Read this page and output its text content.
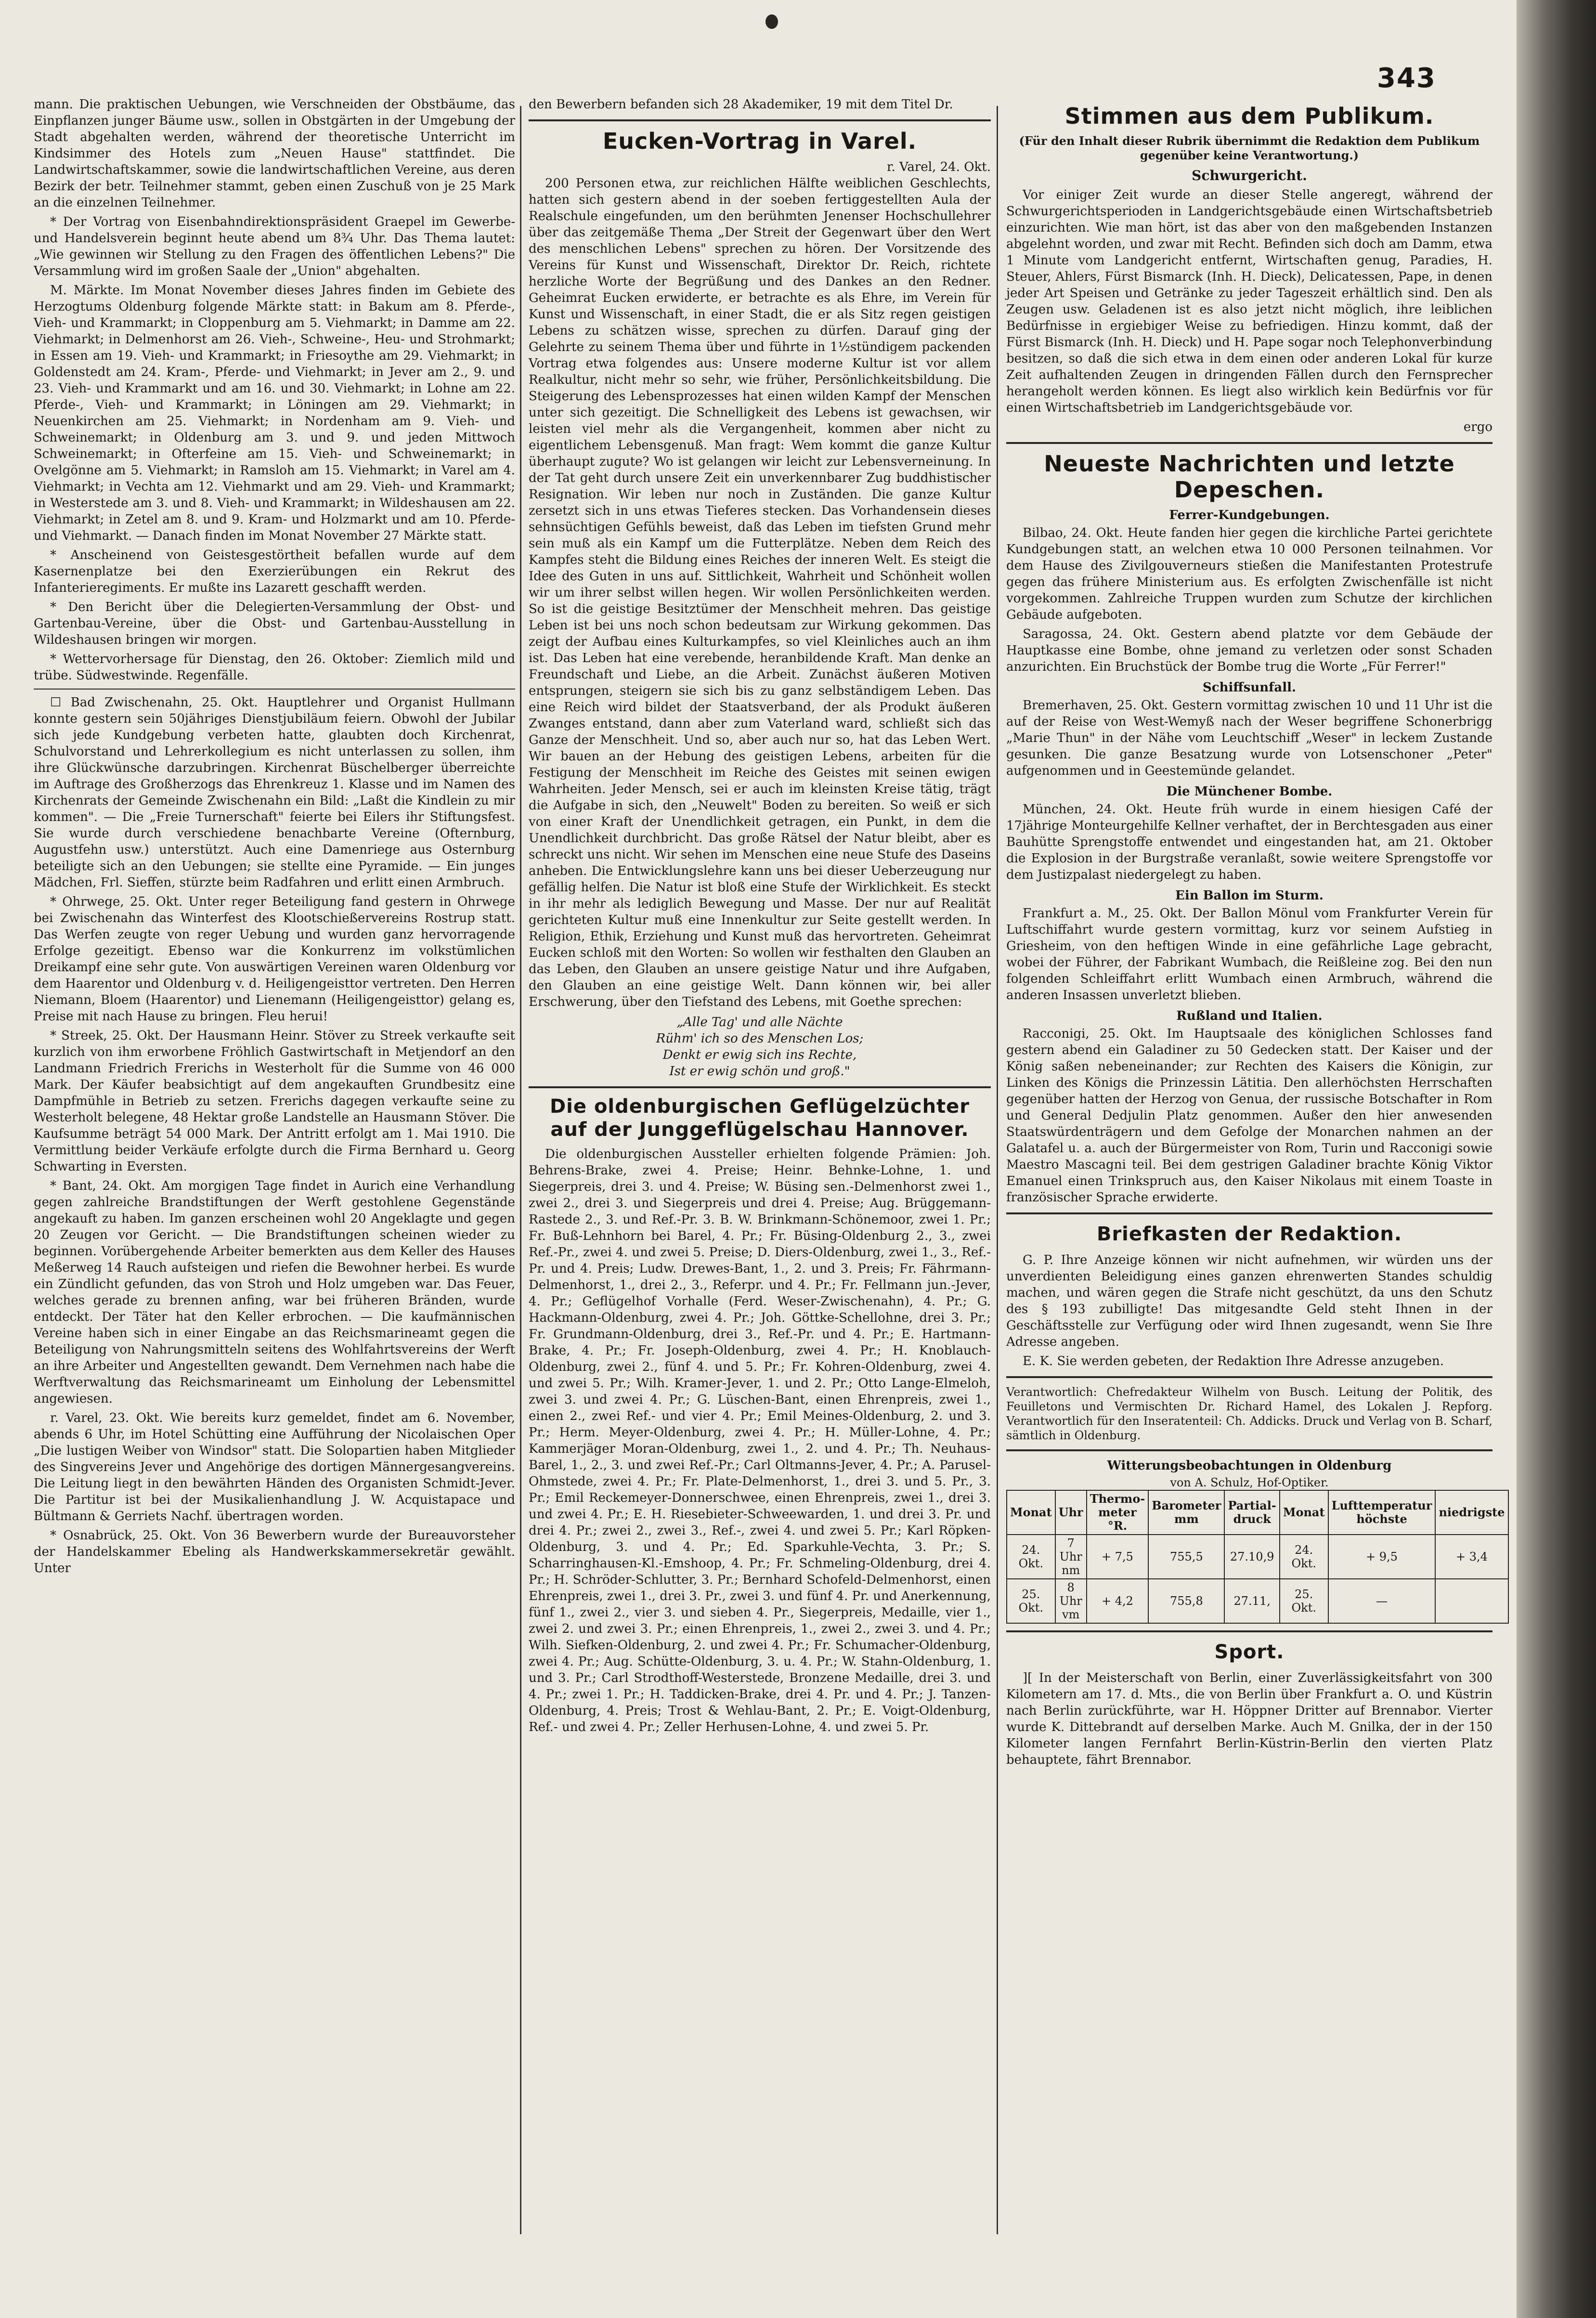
343

mann. Die praktischen Uebungen, wie Verschneiden der Obstbäume, das Einpflanzen junger Bäume usw., sollen in Obstgärten in der Umgebung der Stadt abgehalten werden, während der theoretische Unterricht im Kindsimmer des Hotels zum „Neuen Hause" stattfindet. Die Landwirtschaftskammer, sowie die landwirtschaftlichen Vereine, aus deren Bezirk der betr. Teilnehmer stammt, geben einen Zuschuß von je 25 Mark an die einzelnen Teilnehmer.

* Der Vortrag von Eisenbahndirektionspräsident Graepel im Gewerbe- und Handelsverein beginnt heute abend um 8¾ Uhr. Das Thema lautet: „Wie gewinnen wir Stellung zu den Fragen des öffentlichen Lebens?" Die Versammlung wird im großen Saale der „Union" abgehalten.

M. Märkte. Im Monat November dieses Jahres finden im Gebiete des Herzogtums Oldenburg folgende Märkte statt: in Bakum am 8. Pferde-, Vieh- und Krammarkt; in Cloppenburg am 5. Viehmarkt; in Damme am 22. Viehmarkt; in Delmenhorst am 26. Vieh-, Schweine-, Heu- und Strohmarkt; in Essen am 19. Vieh- und Krammarkt; in Friesoythe am 29. Viehmarkt; in Goldenstedt am 24. Kram-, Pferde- und Viehmarkt; in Jever am 2., 9. und 23. Vieh- und Krammarkt und am 16. und 30. Viehmarkt; in Lohne am 22. Pferde-, Vieh- und Krammarkt; in Löningen am 29. Viehmarkt; in Neuenkirchen am 25. Viehmarkt; in Nordenham am 9. Vieh- und Schweinemarkt; in Oldenburg am 3. und 9. und jeden Mittwoch Schweinemarkt; in Ofterfeine am 15. Vieh- und Schweinemarkt; in Ovelgönne am 5. Viehmarkt; in Ramsloh am 15. Viehmarkt; in Varel am 4. Viehmarkt; in Vechta am 12. Viehmarkt und am 29. Vieh- und Krammarkt; in Westerstede am 3. und 8. Vieh- und Krammarkt; in Wildeshausen am 22. Viehmarkt; in Zetel am 8. und 9. Kram- und Holzmarkt und am 10. Pferde- und Viehmarkt. — Danach finden im Monat November 27 Märkte statt.

* Anscheinend von Geistesgestörtheit befallen wurde auf dem Kasernenplatze bei den Exerzierübungen ein Rekrut des Infanterieregiments. Er mußte ins Lazarett geschafft werden.

* Den Bericht über die Delegierten-Versammlung der Obst- und Gartenbau-Vereine, über die Obst- und Gartenbau-Ausstellung in Wildeshausen bringen wir morgen.

* Wettervorhersage für Dienstag, den 26. Oktober: Ziemlich mild und trübe. Südwestwinde. Regenfälle.

☐ Bad Zwischenahn, 25. Okt. Hauptlehrer und Organist Hullmann konnte gestern sein 50jähriges Dienstjubiläum feiern. Obwohl der Jubilar sich jede Kundgebung verbeten hatte, glaubten doch Kirchenrat, Schulvorstand und Lehrerkollegium es nicht unterlassen zu sollen, ihm ihre Glückwünsche darzubringen. Kirchenrat Büschelberger überreichte im Auftrage des Großherzogs das Ehrenkreuz 1. Klasse und im Namen des Kirchenrats der Gemeinde Zwischenahn ein Bild: „Laßt die Kindlein zu mir kommen". — Die „Freie Turnerschaft" feierte bei Eilers ihr Stiftungsfest. Sie wurde durch verschiedene benachbarte Vereine (Ofternburg, Augustfehn usw.) unterstützt. Auch eine Damenriege aus Osternburg beteiligte sich an den Uebungen; sie stellte eine Pyramide. — Ein junges Mädchen, Frl. Sieffen, stürzte beim Radfahren und erlitt einen Armbruch.

* Ohrwege, 25. Okt. Unter reger Beteiligung fand gestern in Ohrwege bei Zwischenahn das Winterfest des Klootschießervereins Rostrup statt. Das Werfen zeugte von reger Uebung und wurden ganz hervorragende Erfolge gezeitigt. Ebenso war die Konkurrenz im volkstümlichen Dreikampf eine sehr gute. Von auswärtigen Vereinen waren Oldenburg vor dem Haarentor und Oldenburg v. d. Heiligengeisttor vertreten. Den Herren Niemann, Bloem (Haarentor) und Lienemann (Heiligengeisttor) gelang es, Preise mit nach Hause zu bringen. Fleu herui!

* Streek, 25. Okt. Der Hausmann Heinr. Stöver zu Streek verkaufte seit kurzlich von ihm erworbene Fröhlich Gastwirtschaft in Metjendorf an den Landmann Friedrich Frerichs in Westerholt für die Summe von 46 000 Mark. Der Käufer beabsichtigt auf dem angekauften Grundbesitz eine Dampfmühle in Betrieb zu setzen. Frerichs dagegen verkaufte seine zu Westerholt belegene, 48 Hektar große Landstelle an Hausmann Stöver. Die Kaufsumme beträgt 54 000 Mark. Der Antritt erfolgt am 1. Mai 1910. Die Vermittlung beider Verkäufe erfolgte durch die Firma Bernhard u. Georg Schwarting in Eversten.

* Bant, 24. Okt. Am morgigen Tage findet in Aurich eine Verhandlung gegen zahlreiche Brandstiftungen der Werft gestohlene Gegenstände angekauft zu haben. Im ganzen erscheinen wohl 20 Angeklagte und gegen 20 Zeugen vor Gericht. — Die Brandstiftungen scheinen wieder zu beginnen. Vorübergehende Arbeiter bemerkten aus dem Keller des Hauses Meßerweg 14 Rauch aufsteigen und riefen die Bewohner herbei. Es wurde ein Zündlicht gefunden, das von Stroh und Holz umgeben war. Das Feuer, welches gerade zu brennen anfing, war bei früheren Bränden, wurde entdeckt. Der Täter hat den Keller erbrochen. — Die kaufmännischen Vereine haben sich in einer Eingabe an das Reichsmarineamt gegen die Beteiligung von Nahrungsmitteln seitens des Wohlfahrtsvereins der Werft an ihre Arbeiter und Angestellten gewandt. Dem Vernehmen nach habe die Werftverwaltung das Reichsmarineamt um Einholung der Lebensmittel angewiesen.

r. Varel, 23. Okt. Wie bereits kurz gemeldet, findet am 6. November, abends 6 Uhr, im Hotel Schütting eine Aufführung der Nicolaischen Oper „Die lustigen Weiber von Windsor" statt. Die Solopartien haben Mitglieder des Singvereins Jever und Angehörige des dortigen Männergesangvereins. Die Leitung liegt in den bewährten Händen des Organisten Schmidt-Jever. Die Partitur ist bei der Musikalienhandlung J. W. Acquistapace und Bültmann & Gerriets Nachf. übertragen worden.

* Osnabrück, 25. Okt. Von 36 Bewerbern wurde der Bureauvorsteher der Handelskammer Ebeling als Handwerkskammersekretär gewählt. Unter

den Bewerbern befanden sich 28 Akademiker, 19 mit dem Titel Dr.

Eucken-Vortrag in Varel.
r. Varel, 24. Okt.

200 Personen etwa, zur reichlichen Hälfte weiblichen Geschlechts, hatten sich gestern abend in der soeben fertiggestellten Aula der Realschule eingefunden, um den berühmten Jenenser Hochschullehrer über das zeitgemäße Thema „Der Streit der Gegenwart über den Wert des menschlichen Lebens" sprechen zu hören. Der Vorsitzende des Vereins für Kunst und Wissenschaft, Direktor Dr. Reich, richtete herzliche Worte der Begrüßung und des Dankes an den Redner. Geheimrat Eucken erwiderte, er betrachte es als Ehre, im Verein für Kunst und Wissenschaft, in einer Stadt, die er als Sitz regen geistigen Lebens zu schätzen wisse, sprechen zu dürfen. Darauf ging der Gelehrte zu seinem Thema über und führte in 1½stündigem packenden Vortrag etwa folgendes aus: Unsere moderne Kultur ist vor allem Realkultur, nicht mehr so sehr, wie früher, Persönlichkeitsbildung. Die Steigerung des Lebensprozesses hat einen wilden Kampf der Menschen unter sich gezeitigt. Die Schnelligkeit des Lebens ist gewachsen, wir leisten viel mehr als die Vergangenheit, kommen aber nicht zu eigentlichem Lebensgenuß. Man fragt: Wem kommt die ganze Kultur überhaupt zugute? Wo ist gelangen wir leicht zur Lebensverneinung. In der Tat geht durch unsere Zeit ein unverkennbarer Zug buddhistischer Resignation. Wir leben nur noch in Zuständen. Die ganze Kultur zersetzt sich in uns etwas Tieferes stecken. Das Vorhandensein dieses sehnsüchtigen Gefühls beweist, daß das Leben im tiefsten Grund mehr sein muß als ein Kampf um die Futterplätze. Neben dem Reich des Kampfes steht die Bildung eines Reiches der inneren Welt. Es steigt die Idee des Guten in uns auf. Sittlichkeit, Wahrheit und Schönheit wollen wir um ihrer selbst willen hegen. Wir wollen Persönlichkeiten werden. So ist die geistige Besitztümer der Menschheit mehren. Das geistige Leben ist bei uns noch schon bedeutsam zur Wirkung gekommen. Das zeigt der Aufbau eines Kulturkampfes, so viel Kleinliches auch an ihm ist. Das Leben hat eine verebende, heranbildende Kraft. Man denke an Freundschaft und Liebe, an die Arbeit. Zunächst äußeren Motiven entsprungen, steigern sie sich bis zu ganz selbständigem Leben. Das eine Reich wird bildet der Staatsverband, der als Produkt äußeren Zwanges entstand, dann aber zum Vaterland ward, schließt sich das Ganze der Menschheit. Und so, aber auch nur so, hat das Leben Wert. Wir bauen an der Hebung des geistigen Lebens, arbeiten für die Festigung der Menschheit im Reiche des Geistes mit seinen ewigen Wahrheiten. Jeder Mensch, sei er auch im kleinsten Kreise tätig, trägt die Aufgabe in sich, den „Neuwelt" Boden zu bereiten. So weiß er sich von einer Kraft der Unendlichkeit getragen, ein Punkt, in dem die Unendlichkeit durchbricht. Das große Rätsel der Natur bleibt, aber es schreckt uns nicht. Wir sehen im Menschen eine neue Stufe des Daseins anheben. Die Entwicklungslehre kann uns bei dieser Ueberzeugung nur gefällig helfen. Die Natur ist bloß eine Stufe der Wirklichkeit. Es steckt in ihr mehr als lediglich Bewegung und Masse. Der nur auf Realität gerichteten Kultur muß eine Innenkultur zur Seite gestellt werden. In Religion, Ethik, Erziehung und Kunst muß das hervortreten. Geheimrat Eucken schloß mit den Worten: So wollen wir festhalten den Glauben an das Leben, den Glauben an unsere geistige Natur und ihre Aufgaben, den Glauben an eine geistige Welt. Dann können wir, bei aller Erschwerung, über den Tiefstand des Lebens, mit Goethe sprechen:

„Alle Tag' und alle Nächte
Rühm' ich so des Menschen Los;
Denkt er ewig sich ins Rechte,
Ist er ewig schön und groß."
Die oldenburgischen Geflügelzüchter auf der Junggeflügelschau Hannover.

Die oldenburgischen Aussteller erhielten folgende Prämien: Joh. Behrens-Brake, zwei 4. Preise; Heinr. Behnke-Lohne, 1. und Siegerpreis, drei 3. und 4. Preise; W. Büsing sen.-Delmenhorst zwei 1., zwei 2., drei 3. und Siegerpreis und drei 4. Preise; Aug. Brüggemann-Rastede 2., 3. und Ref.-Pr. 3. B. W. Brinkmann-Schönemoor, zwei 1. Pr.; Fr. Buß-Lehnhorn bei Barel, 4. Pr.; Fr. Büsing-Oldenburg 2., 3., zwei Ref.-Pr., zwei 4. und zwei 5. Preise; D. Diers-Oldenburg, zwei 1., 3., Ref.-Pr. und 4. Preis; Ludw. Drewes-Bant, 1., 2. und 3. Preis; Fr. Fährmann-Delmenhorst, 1., drei 2., 3., Referpr. und 4. Pr.; Fr. Fellmann jun.-Jever, 4. Pr.; Geflügelhof Vorhalle (Ferd. Weser-Zwischenahn), 4. Pr.; G. Hackmann-Oldenburg, zwei 4. Pr.; Joh. Göttke-Schellohne, drei 3. Pr.; Fr. Grundmann-Oldenburg, drei 3., Ref.-Pr. und 4. Pr.; E. Hartmann-Brake, 4. Pr.; Fr. Joseph-Oldenburg, zwei 4. Pr.; H. Knoblauch-Oldenburg, zwei 2., fünf 4. und 5. Pr.; Fr. Kohren-Oldenburg, zwei 4. und zwei 5. Pr.; Wilh. Kramer-Jever, 1. und 2. Pr.; Otto Lange-Elmeloh, zwei 3. und zwei 4. Pr.; G. Lüschen-Bant, einen Ehrenpreis, zwei 1., einen 2., zwei Ref.- und vier 4. Pr.; Emil Meines-Oldenburg, 2. und 3. Pr.; Herm. Meyer-Oldenburg, zwei 4. Pr.; H. Müller-Lohne, 4. Pr.; Kammerjäger Moran-Oldenburg, zwei 1., 2. und 4. Pr.; Th. Neuhaus-Barel, 1., 2., 3. und zwei Ref.-Pr.; Carl Oltmanns-Jever, 4. Pr.; A. Parusel-Ohmstede, zwei 4. Pr.; Fr. Plate-Delmenhorst, 1., drei 3. und 5. Pr., 3. Pr.; Emil Reckemeyer-Donnerschwee, einen Ehrenpreis, zwei 1., drei 3. und zwei 4. Pr.; E. H. Riesebieter-Schweewarden, 1. und drei 3. Pr. und drei 4. Pr.; zwei 2., zwei 3., Ref.-, zwei 4. und zwei 5. Pr.; Karl Röpken-Oldenburg, 3. und 4. Pr.; Ed. Sparkuhle-Vechta, 3. Pr.; S. Scharringhausen-Kl.-Emshoop, 4. Pr.; Fr. Schmeling-Oldenburg, drei 4. Pr.; H. Schröder-Schlutter, 3. Pr.; Bernhard Schofeld-Delmenhorst, einen Ehrenpreis, zwei 1., drei 3. Pr., zwei 3. und fünf 4. Pr. und Anerkennung, fünf 1., zwei 2., vier 3. und sieben 4. Pr., Siegerpreis, Medaille, vier 1., zwei 2. und zwei 3. Pr.; einen Ehrenpreis, 1., zwei 2., zwei 3. und 4. Pr.; Wilh. Siefken-Oldenburg, 2. und zwei 4. Pr.; Fr. Schumacher-Oldenburg, zwei 4. Pr.; Aug. Schütte-Oldenburg, 3. u. 4. Pr.; W. Stahn-Oldenburg, 1. und 3. Pr.; Carl Strodthoff-Westerstede, Bronzene Medaille, drei 3. und 4. Pr.; zwei 1. Pr.; H. Taddicken-Brake, drei 4. Pr. und 4. Pr.; J. Tanzen-Oldenburg, 4. Preis; Trost & Wehlau-Bant, 2. Pr.; E. Voigt-Oldenburg, Ref.- und zwei 4. Pr.; Zeller Herhusen-Lohne, 4. und zwei 5. Pr.

Stimmen aus dem Publikum.
(Für den Inhalt dieser Rubrik übernimmt die Redaktion dem Publikum gegenüber keine Verantwortung.)
Schwurgericht.

Vor einiger Zeit wurde an dieser Stelle angeregt, während der Schwurgerichtsperioden in Landgerichtsgebäude einen Wirtschaftsbetrieb einzurichten. Wie man hört, ist das aber von den maßgebenden Instanzen abgelehnt worden, und zwar mit Recht. Befinden sich doch am Damm, etwa 1 Minute vom Landgericht entfernt, Wirtschaften genug, Paradies, H. Steuer, Ahlers, Fürst Bismarck (Inh. H. Dieck), Delicatessen, Pape, in denen jeder Art Speisen und Getränke zu jeder Tageszeit erhältlich sind. Den als Zeugen usw. Geladenen ist es also jetzt nicht möglich, ihre leiblichen Bedürfnisse in ergiebiger Weise zu befriedigen. Hinzu kommt, daß der Fürst Bismarck (Inh. H. Dieck) und H. Pape sogar noch Telephonverbindung besitzen, so daß die sich etwa in dem einen oder anderen Lokal für kurze Zeit aufhaltenden Zeugen in dringenden Fällen durch den Fernsprecher herangeholt werden können. Es liegt also wirklich kein Bedürfnis vor für einen Wirtschaftsbetrieb im Landgerichtsgebäude vor.

ergo
Neueste Nachrichten und letzte Depeschen.
Ferrer-Kundgebungen.

Bilbao, 24. Okt. Heute fanden hier gegen die kirchliche Partei gerichtete Kundgebungen statt, an welchen etwa 10 000 Personen teilnahmen. Vor dem Hause des Zivilgouverneurs stießen die Manifestanten Protestrufe gegen das frühere Ministerium aus. Es erfolgten Zwischenfälle ist nicht vorgekommen. Zahlreiche Truppen wurden zum Schutze der kirchlichen Gebäude aufgeboten.

Saragossa, 24. Okt. Gestern abend platzte vor dem Gebäude der Hauptkasse eine Bombe, ohne jemand zu verletzen oder sonst Schaden anzurichten. Ein Bruchstück der Bombe trug die Worte „Für Ferrer!"

Schiffsunfall.

Bremerhaven, 25. Okt. Gestern vormittag zwischen 10 und 11 Uhr ist die auf der Reise von West-Wemyß nach der Weser begriffene Schonerbrigg „Marie Thun" in der Nähe vom Leuchtschiff „Weser" in leckem Zustande gesunken. Die ganze Besatzung wurde von Lotsenschoner „Peter" aufgenommen und in Geestemünde gelandet.

Die Münchener Bombe.

München, 24. Okt. Heute früh wurde in einem hiesigen Café der 17jährige Monteurgehilfe Kellner verhaftet, der in Berchtesgaden aus einer Bauhütte Sprengstoffe entwendet und eingestanden hat, am 21. Oktober die Explosion in der Burgstraße veranlaßt, sowie weitere Sprengstoffe vor dem Justizpalast niedergelegt zu haben.

Ein Ballon im Sturm.

Frankfurt a. M., 25. Okt. Der Ballon Mönul vom Frankfurter Verein für Luftschiffahrt wurde gestern vormittag, kurz vor seinem Aufstieg in Griesheim, von den heftigen Winde in eine gefährliche Lage gebracht, wobei der Führer, der Fabrikant Wumbach, die Reißleine zog. Bei den nun folgenden Schleiffahrt erlitt Wumbach einen Armbruch, während die anderen Insassen unverletzt blieben.

Rußland und Italien.

Racconigi, 25. Okt. Im Hauptsaale des königlichen Schlosses fand gestern abend ein Galadiner zu 50 Gedecken statt. Der Kaiser und der König saßen nebeneinander; zur Rechten des Kaisers die Königin, zur Linken des Königs die Prinzessin Lätitia. Den allerhöchsten Herrschaften gegenüber hatten der Herzog von Genua, der russische Botschafter in Rom und General Dedjulin Platz genommen. Außer den hier anwesenden Staatswürdenträgern und dem Gefolge der Monarchen nahmen an der Galatafel u. a. auch der Bürgermeister von Rom, Turin und Racconigi sowie Maestro Mascagni teil. Bei dem gestrigen Galadiner brachte König Viktor Emanuel einen Trinkspruch aus, den Kaiser Nikolaus mit einem Toaste in französischer Sprache erwiderte.

Briefkasten der Redaktion.

G. P. Ihre Anzeige können wir nicht aufnehmen, wir würden uns der unverdienten Beleidigung eines ganzen ehrenwerten Standes schuldig machen, und wären gegen die Strafe nicht geschützt, da uns den Schutz des § 193 zubilligte! Das mitgesandte Geld steht Ihnen in der Geschäftsstelle zur Verfügung oder wird Ihnen zugesandt, wenn Sie Ihre Adresse angeben.

E. K. Sie werden gebeten, der Redaktion Ihre Adresse anzugeben.

Verantwortlich: Chefredakteur Wilhelm von Busch. Leitung der Politik, des Feuilletons und Vermischten Dr. Richard Hamel, des Lokalen J. Repforg. Verantwortlich für den Inseratenteil: Ch. Addicks. Druck und Verlag von B. Scharf, sämtlich in Oldenburg.

Witterungsbeobachtungen in Oldenburg
von A. Schulz, Hof-Optiker.
Monat	Uhr	Thermo-meter °R.	Barometer mm	Partial-druck	Monat	Lufttemperatur höchste	niedrigste
24. Okt.	7 Uhr nm	+ 7,5	755,5	27.10,9	24. Okt.	+ 9,5	+ 3,4
25. Okt.	8 Uhr vm	+ 4,2	755,8	27.11,	25. Okt.	—	
Sport.

][ In der Meisterschaft von Berlin, einer Zuverlässigkeitsfahrt von 300 Kilometern am 17. d. Mts., die von Berlin über Frankfurt a. O. und Küstrin nach Berlin zurückführte, war H. Höppner Dritter auf Brennabor. Vierter wurde K. Dittebrandt auf derselben Marke. Auch M. Gnilka, der in der 150 Kilometer langen Fernfahrt Berlin-Küstrin-Berlin den vierten Platz behauptete, fährt Brennabor.
